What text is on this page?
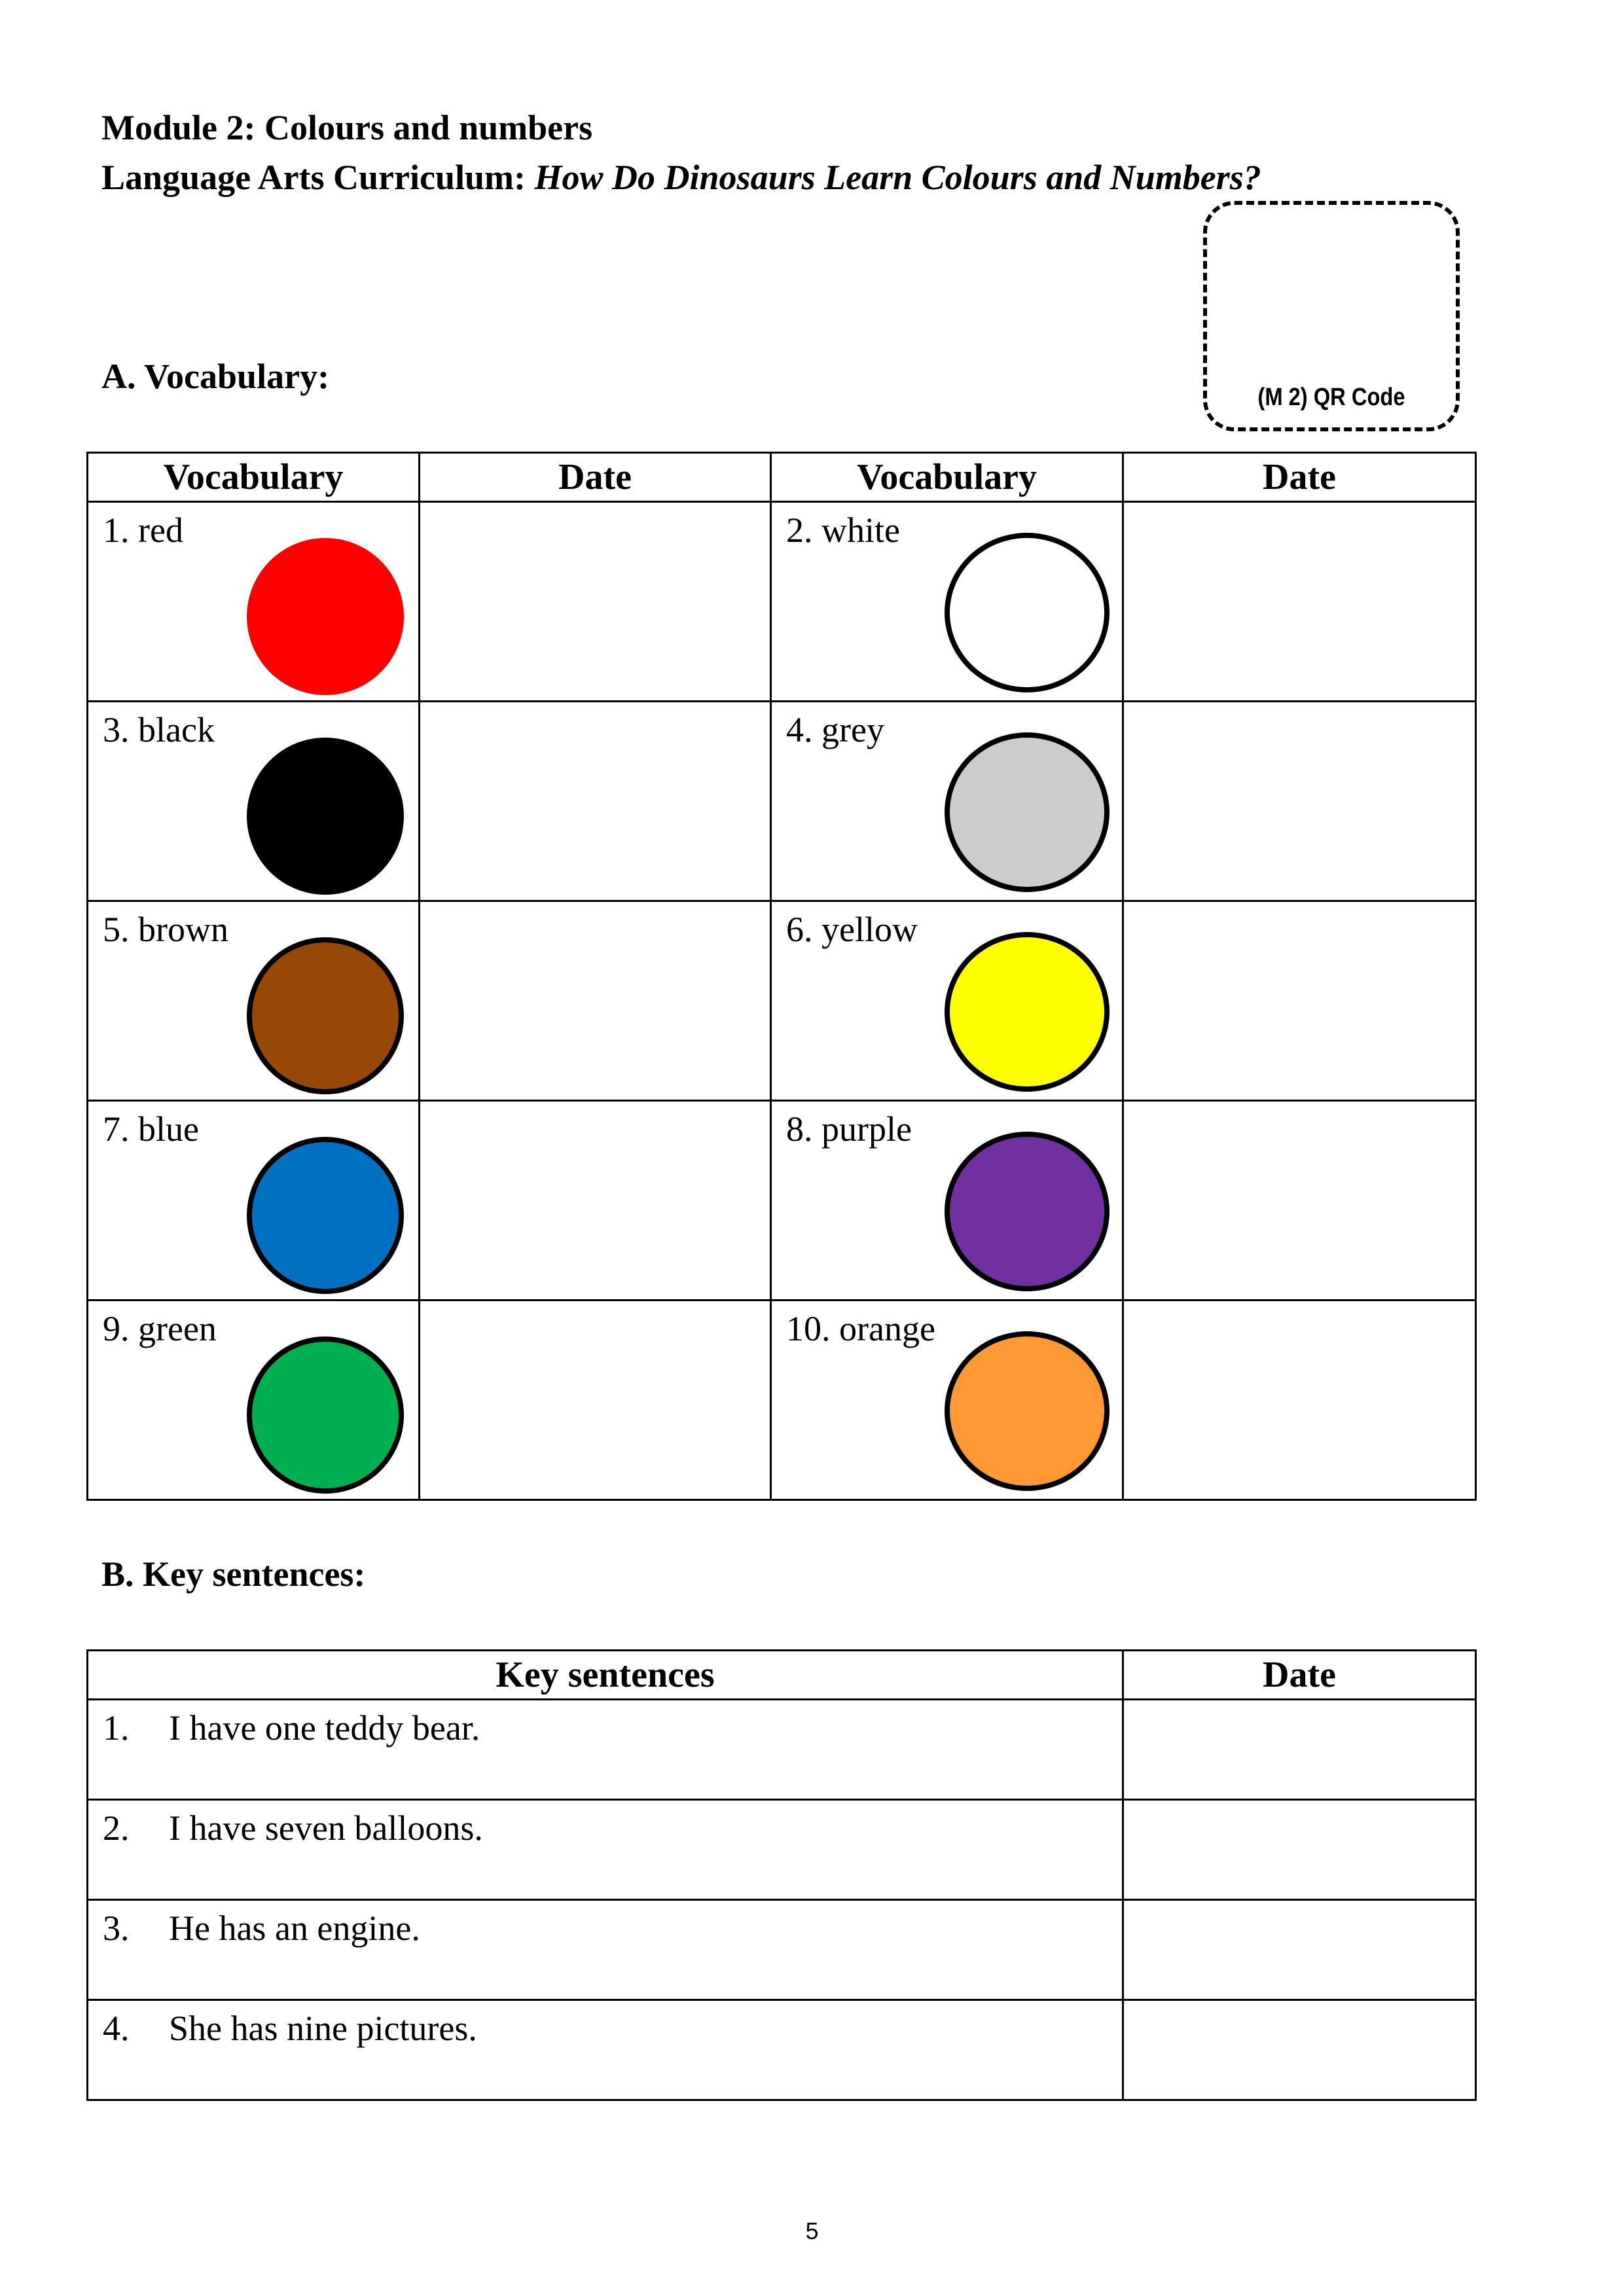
Module 2: Colours and numbers
Language Arts Curriculum: How Do Dinosaurs Learn Colours and Numbers?
(M 2) QR Code
A. Vocabulary:
Vocabulary	Date	Vocabulary	Date

1. red		2. white	

3. black		4. grey	

5. brown		6. yellow	

7. blue		8. purple	

9. green		10. orange	

B. Key sentences:
Key sentences	Date

1. I have one teddy bear.	

2. I have seven balloons.	

3. He has an engine.	

4. She has nine pictures.	

5
